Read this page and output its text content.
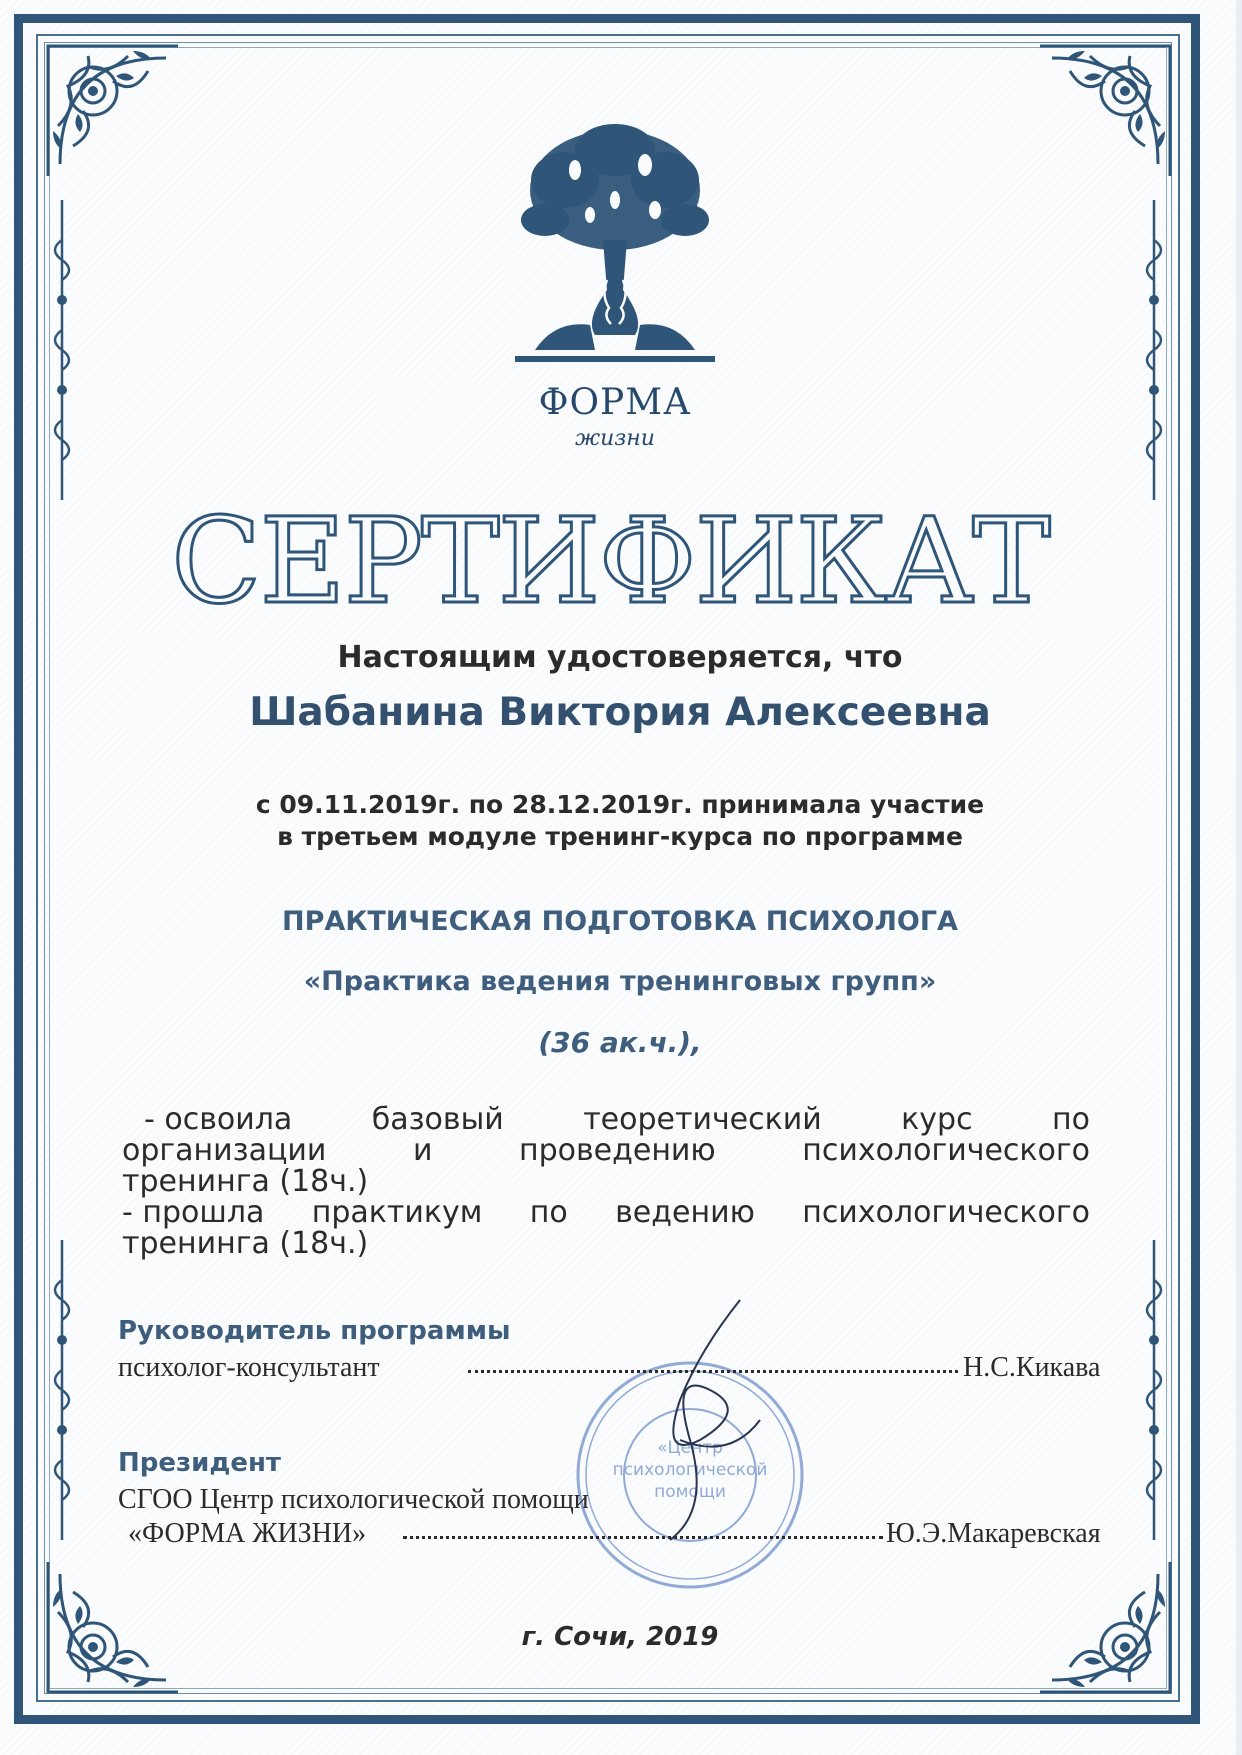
ФОРМА
жизни
СЕРТИФИКАТ
Настоящим удостоверяется, что
Шабанина Виктория Алексеевна
с 09.11.2019г. по 28.12.2019г. принимала участие
в третьем модуле тренинг-курса по программе
ПРАКТИЧЕСКАЯ ПОДГОТОВКА ПСИХОЛОГА
«Практика ведения тренинговых групп»
(36 ак.ч.),
- освоила	базовый	теоретический	курс	по
организации	и	проведению	психологического
тренинга (18ч.)
- прошла практикум по ведению психологического
тренинга (18ч.)
«Центр
психологической
помощи
Руководитель программы
психолог-консультант	Н.С.Кикава
Президент
СГОО Центр психологической помощи
«ФОРМА ЖИЗНИ»	Ю.Э.Макаревская
г. Сочи, 2019
